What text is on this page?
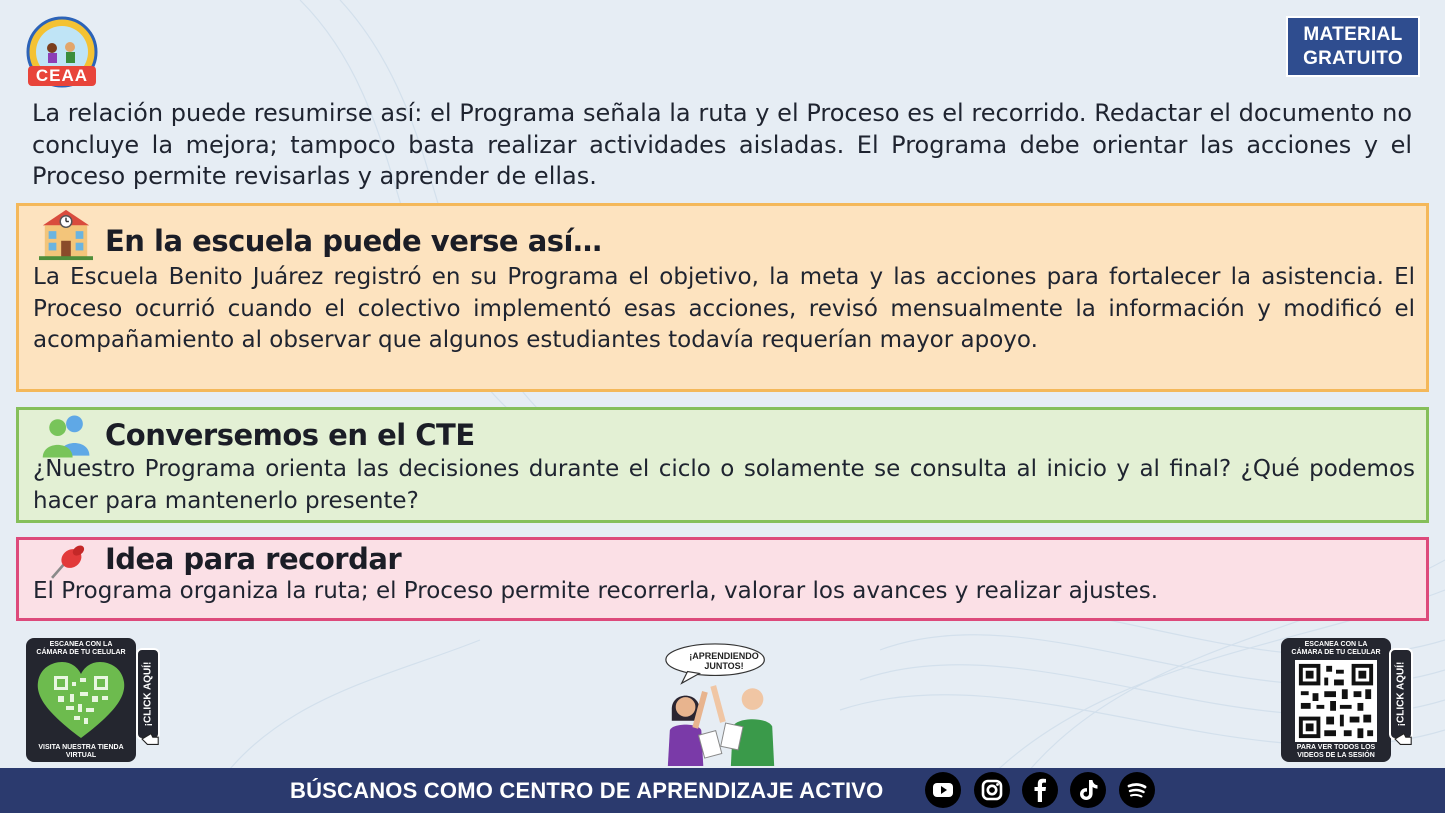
CEAA
MATERIAL
GRATUITO
La relación puede resumirse así: el Programa señala la ruta y el Proceso es el recorrido. Redactar el documento no concluye la mejora; tampoco basta realizar actividades aisladas. El Programa debe orientar las acciones y el Proceso permite revisarlas y aprender de ellas.
En la escuela puede verse así…
La Escuela Benito Juárez registró en su Programa el objetivo, la meta y las acciones para fortalecer la asistencia. El Proceso ocurrió cuando el colectivo implementó esas acciones, revisó mensualmente la información y modificó el acompañamiento al observar que algunos estudiantes todavía requerían mayor apoyo.
Conversemos en el CTE
¿Nuestro Programa orienta las decisiones durante el ciclo o solamente se consulta al inicio y al final? ¿Qué podemos hacer para mantenerlo presente?
Idea para recordar
El Programa organiza la ruta; el Proceso permite recorrerla, valorar los avances y realizar ajustes.
ESCANEA CON LA
CÁMARA DE TU CELULAR
VISITA NUESTRA TIENDA
VIRTUAL
¡CLICK AQUÍ!
¡APRENDIENDO
JUNTOS!
ESCANEA CON LA
CÁMARA DE TU CELULAR
PARA VER TODOS LOS
VIDEOS DE LA SESIÓN
¡CLICK AQUÍ!
BÚSCANOS COMO CENTRO DE APRENDIZAJE ACTIVO
